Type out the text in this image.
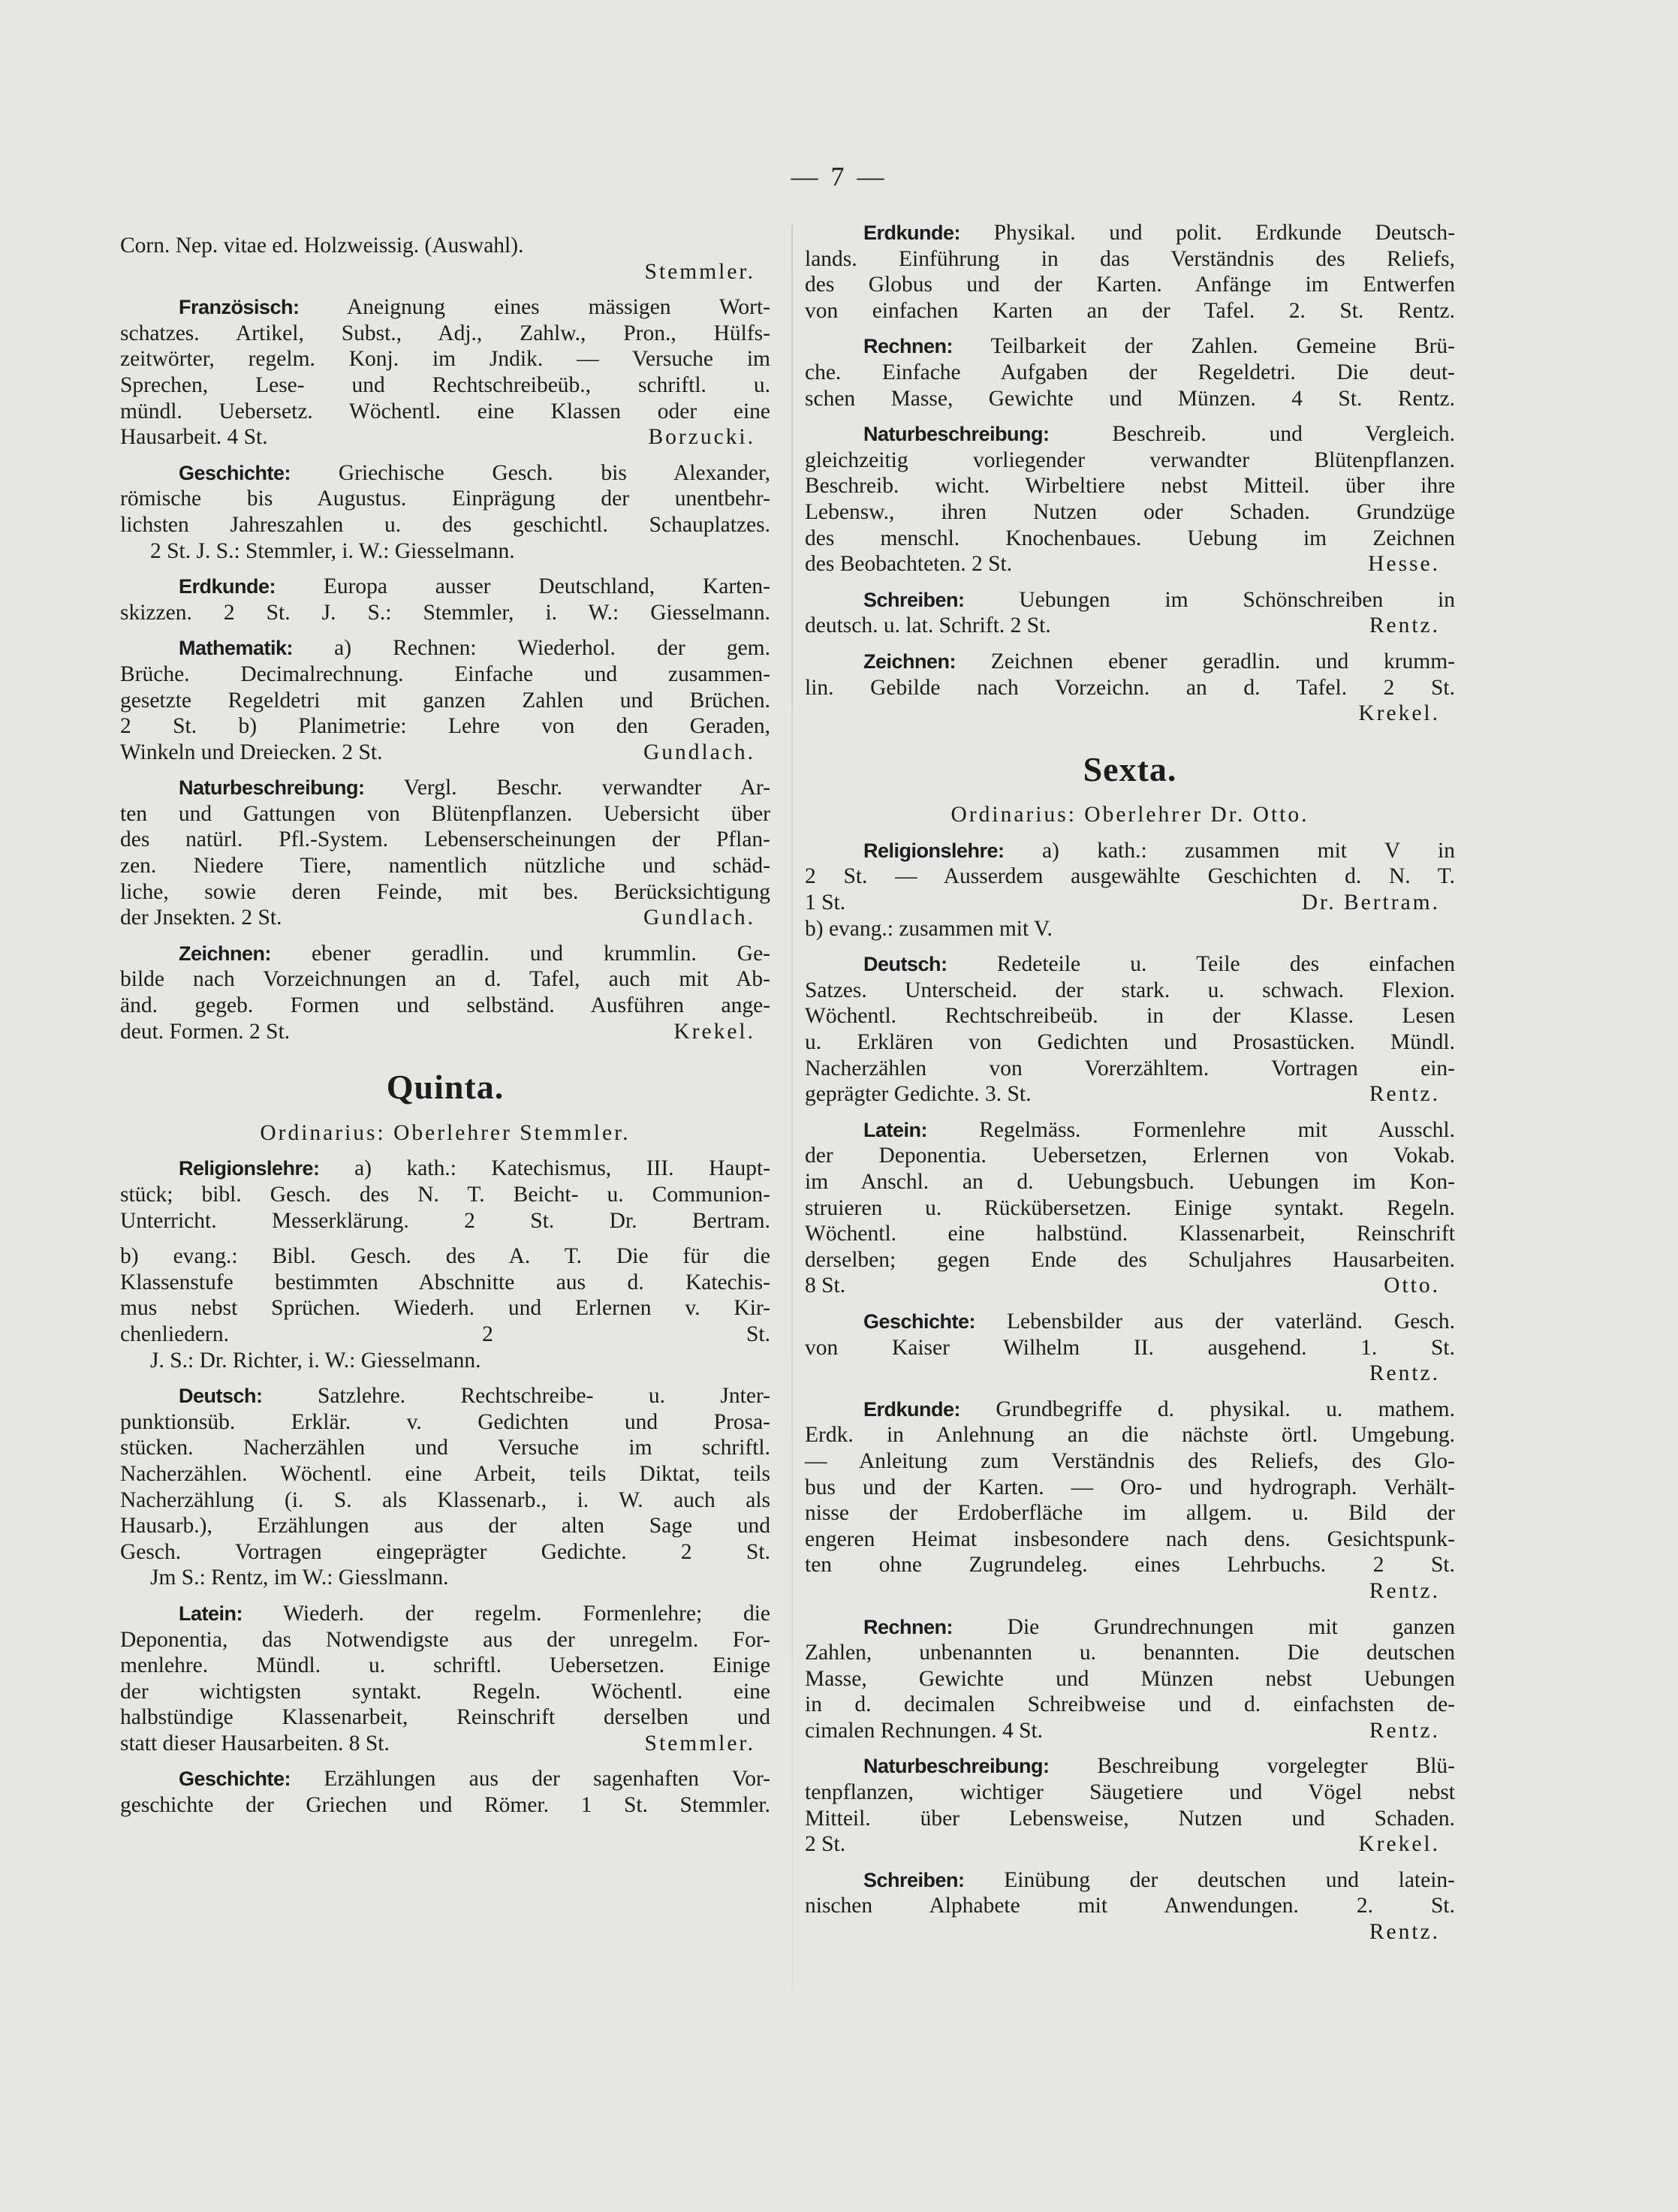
— 7 —
Corn. Nep. vitae ed. Holzweissig. (Auswahl).
Stemmler.
Französisch: Aneignung eines mässigen Wort-
schatzes. Artikel, Subst., Adj., Zahlw., Pron., Hülfs-
zeitwörter, regelm. Konj. im Jndik. — Versuche im
Sprechen, Lese- und Rechtschreibeüb., schriftl. u.
mündl. Uebersetz. Wöchentl. eine Klassen oder eine
Hausarbeit. 4 St.	Borzucki.
Geschichte: Griechische Gesch. bis Alexander,
römische bis Augustus. Einprägung der unentbehr-
lichsten Jahreszahlen u. des geschichtl. Schauplatzes.
2 St. J. S.: Stemmler, i. W.: Giesselmann.
Erdkunde: Europa ausser Deutschland, Karten-
skizzen. 2 St. J. S.: Stemmler, i. W.: Giesselmann.
Mathematik: a) Rechnen: Wiederhol. der gem.
Brüche. Decimalrechnung. Einfache und zusammen-
gesetzte Regeldetri mit ganzen Zahlen und Brüchen.
2 St. b) Planimetrie: Lehre von den Geraden,
Winkeln und Dreiecken. 2 St.	Gundlach.
Naturbeschreibung: Vergl. Beschr. verwandter Ar-
ten und Gattungen von Blütenpflanzen. Uebersicht über
des natürl. Pfl.-System. Lebenserscheinungen der Pflan-
zen. Niedere Tiere, namentlich nützliche und schäd-
liche, sowie deren Feinde, mit bes. Berücksichtigung
der Jnsekten. 2 St.	Gundlach.
Zeichnen: ebener geradlin. und krummlin. Ge-
bilde nach Vorzeichnungen an d. Tafel, auch mit Ab-
änd. gegeb. Formen und selbständ. Ausführen ange-
deut. Formen. 2 St.	Krekel.
Quinta.
Ordinarius: Oberlehrer Stemmler.
Religionslehre: a) kath.: Katechismus, III. Haupt-
stück; bibl. Gesch. des N. T. Beicht- u. Communion-
Unterricht. Messerklärung. 2 St. Dr. Bertram.
b) evang.: Bibl. Gesch. des A. T. Die für die
Klassenstufe bestimmten Abschnitte aus d. Katechis-
mus nebst Sprüchen. Wiederh. und Erlernen v. Kir-
chenliedern. 2 St.
J. S.: Dr. Richter, i. W.: Giesselmann.
Deutsch: Satzlehre. Rechtschreibe- u. Jnter-
punktionsüb. Erklär. v. Gedichten und Prosa-
stücken. Nacherzählen und Versuche im schriftl.
Nacherzählen. Wöchentl. eine Arbeit, teils Diktat, teils
Nacherzählung (i. S. als Klassenarb., i. W. auch als
Hausarb.), Erzählungen aus der alten Sage und
Gesch. Vortragen eingeprägter Gedichte. 2 St.
Jm S.: Rentz, im W.: Giesslmann.
Latein: Wiederh. der regelm. Formenlehre; die
Deponentia, das Notwendigste aus der unregelm. For-
menlehre. Mündl. u. schriftl. Uebersetzen. Einige
der wichtigsten syntakt. Regeln. Wöchentl. eine
halbstündige Klassenarbeit, Reinschrift derselben und
statt dieser Hausarbeiten. 8 St.	Stemmler.
Geschichte: Erzählungen aus der sagenhaften Vor-
geschichte der Griechen und Römer. 1 St. Stemmler.
Erdkunde: Physikal. und polit. Erdkunde Deutsch-
lands. Einführung in das Verständnis des Reliefs,
des Globus und der Karten. Anfänge im Entwerfen
von einfachen Karten an der Tafel. 2. St. Rentz.
Rechnen: Teilbarkeit der Zahlen. Gemeine Brü-
che. Einfache Aufgaben der Regeldetri. Die deut-
schen Masse, Gewichte und Münzen. 4 St. Rentz.
Naturbeschreibung:	Beschreib. und Vergleich.
gleichzeitig vorliegender verwandter Blütenpflanzen.
Beschreib. wicht. Wirbeltiere nebst Mitteil. über ihre
Lebensw., ihren Nutzen oder Schaden. Grundzüge
des menschl. Knochenbaues. Uebung im Zeichnen
des Beobachteten. 2 St.	Hesse.
Schreiben: Uebungen im Schönschreiben in
deutsch. u. lat. Schrift. 2 St.	Rentz.
Zeichnen: Zeichnen ebener geradlin. und krumm-
lin. Gebilde nach Vorzeichn. an d. Tafel. 2 St.
Krekel.
Sexta.
Ordinarius: Oberlehrer Dr. Otto.
Religionslehre: a) kath.: zusammen mit V in
2 St. — Ausserdem ausgewählte Geschichten d. N. T.
1 St.	Dr. Bertram.
b) evang.: zusammen mit V.
Deutsch: Redeteile u. Teile des einfachen
Satzes. Unterscheid. der stark. u. schwach. Flexion.
Wöchentl. Rechtschreibeüb. in der Klasse. Lesen
u. Erklären von Gedichten und Prosastücken. Mündl.
Nacherzählen von Vorerzähltem. Vortragen ein-
geprägter Gedichte. 3. St.	Rentz.
Latein: Regelmäss. Formenlehre mit Ausschl.
der Deponentia. Uebersetzen, Erlernen von Vokab.
im Anschl. an d. Uebungsbuch. Uebungen im Kon-
struieren u. Rückübersetzen. Einige syntakt. Regeln.
Wöchentl. eine halbstünd. Klassenarbeit, Reinschrift
derselben; gegen Ende des Schuljahres Hausarbeiten.
8 St.	Otto.
Geschichte: Lebensbilder aus der vaterländ. Gesch.
von Kaiser Wilhelm II. ausgehend. 1. St.
Rentz.
Erdkunde: Grundbegriffe d. physikal. u. mathem.
Erdk. in Anlehnung an die nächste örtl. Umgebung.
— Anleitung zum Verständnis des Reliefs, des Glo-
bus und der Karten. — Oro- und hydrograph. Verhält-
nisse der Erdoberfläche im allgem. u. Bild der
engeren Heimat insbesondere nach dens. Gesichtspunk-
ten ohne Zugrundeleg. eines Lehrbuchs. 2 St.
Rentz.
Rechnen: Die Grundrechnungen mit ganzen
Zahlen, unbenannten u. benannten. Die deutschen
Masse, Gewichte und Münzen nebst Uebungen
in d. decimalen Schreibweise und d. einfachsten de-
cimalen Rechnungen. 4 St.	Rentz.
Naturbeschreibung: Beschreibung vorgelegter Blü-
tenpflanzen, wichtiger Säugetiere und Vögel nebst
Mitteil. über Lebensweise, Nutzen und Schaden.
2 St.	Krekel.
Schreiben: Einübung der deutschen und latein-
nischen Alphabete mit Anwendungen. 2. St.
Rentz.
